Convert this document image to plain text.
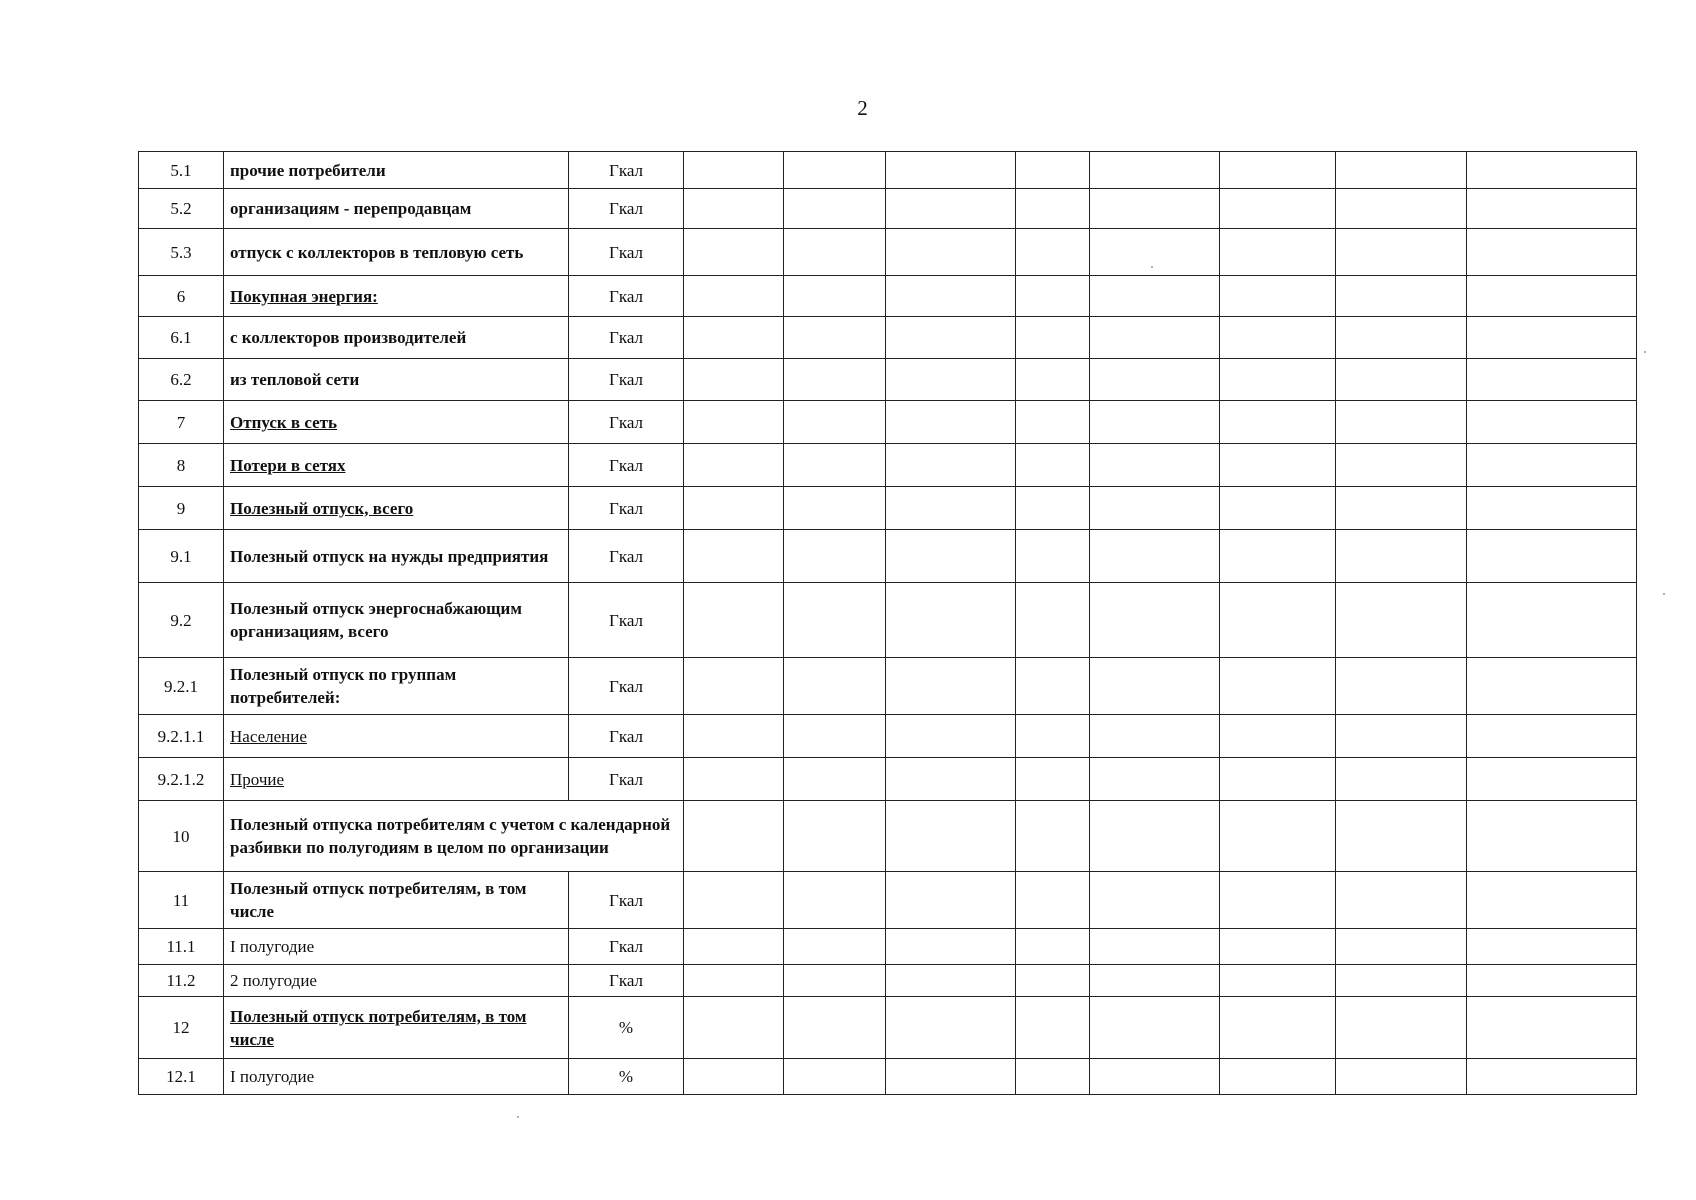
2
5.1	прочие потребители	Гкал								
5.2	организациям - перепродавцам	Гкал								
5.3	отпуск с коллекторов в тепловую сеть	Гкал								
6	Покупная энергия:	Гкал								
6.1	с коллекторов производителей	Гкал								
6.2	из тепловой сети	Гкал								
7	Отпуск в сеть	Гкал								
8	Потери в сетях	Гкал								
9	Полезный отпуск, всего	Гкал								
9.1	Полезный отпуск на нужды предприятия	Гкал								
9.2	Полезный отпуск энергоснабжающим организациям, всего	Гкал								
9.2.1	Полезный отпуск по группам потребителей:	Гкал								
9.2.1.1	Население	Гкал								
9.2.1.2	Прочие	Гкал								
10	Полезный отпуска потребителям с учетом с календарной разбивки по полугодиям в целом по организации									
11	Полезный отпуск потребителям, в том числе	Гкал								
11.1	I полугодие	Гкал								
11.2	2 полугодие	Гкал								
12	Полезный отпуск потребителям, в том числе	%								
12.1	I полугодие	%								
